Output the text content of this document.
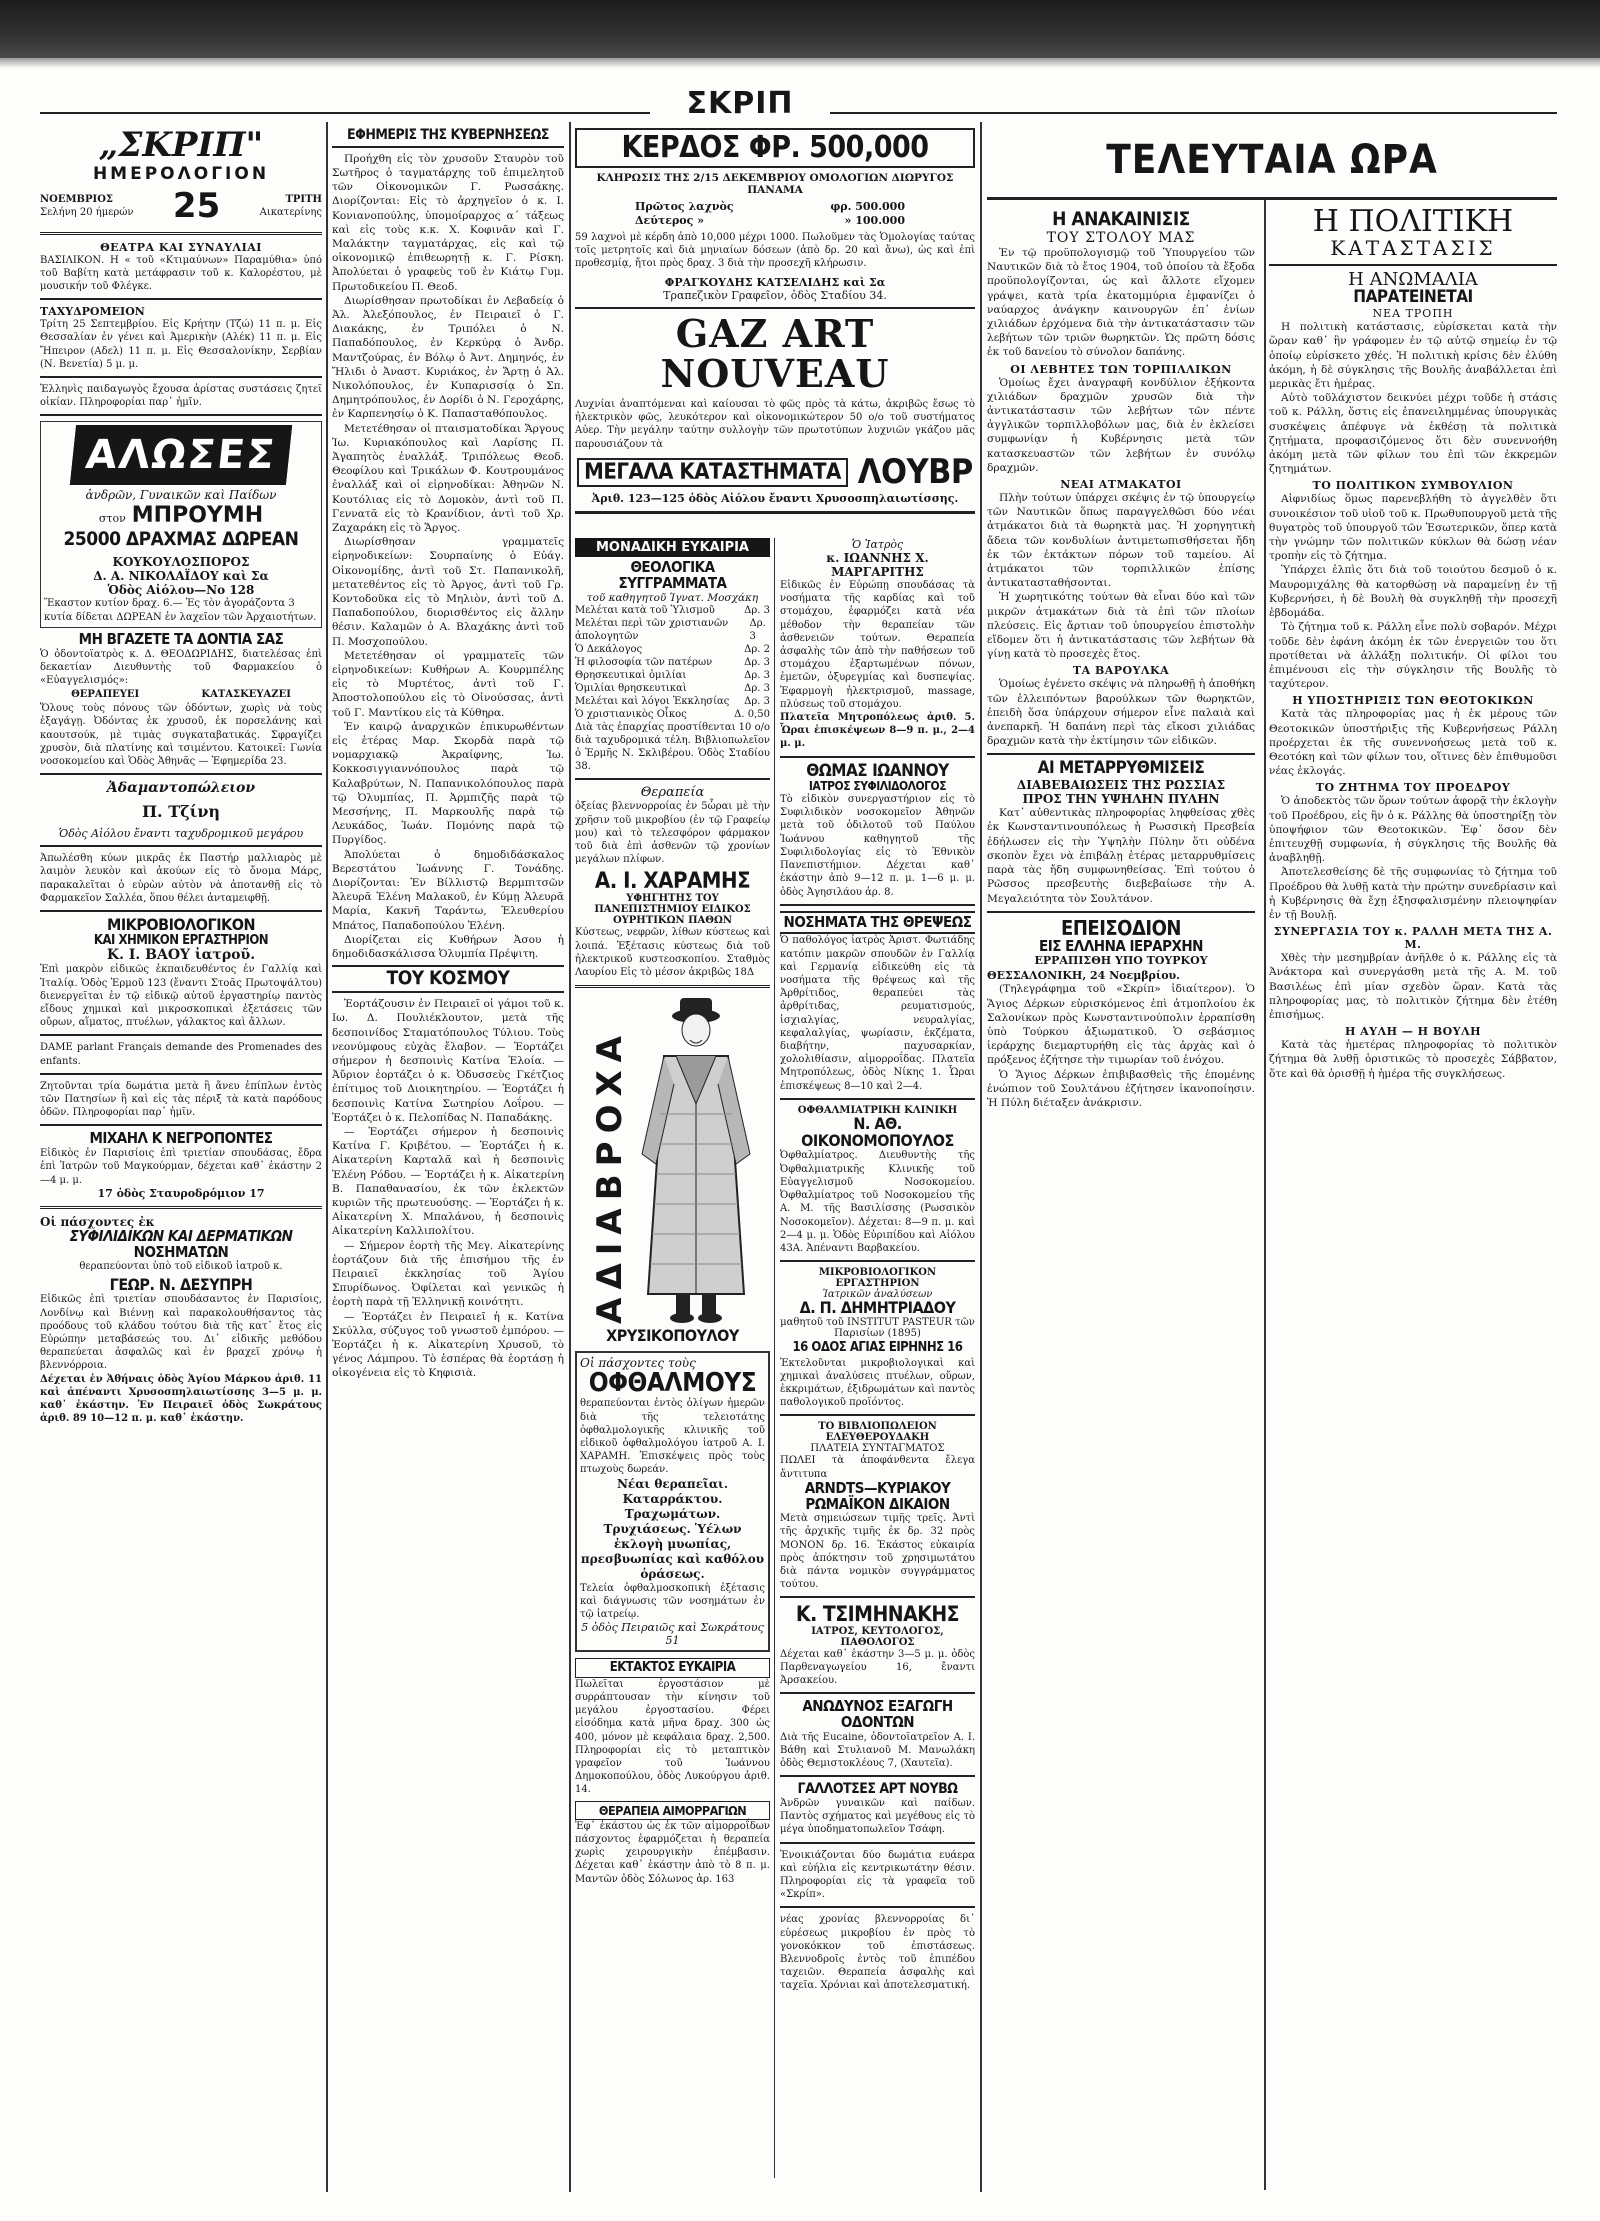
ΣΚΡΙΠ
„ΣΚΡΙΠ"
ΗΜΕΡΟΛΟΓΙΟΝ
ΝΟΕΜΒΡΙΟΣ
Σελήνη 20 ήμερών 25	ΤΡΙΤΗ
Αικατερίνης
ΘΕΑΤΡΑ ΚΑΙ ΣΥΝΑΥΛΙΑΙ
ΒΑΣΙΛΙΚΟΝ. Η « τοῦ «Κτιμαύνων» Παραμύθια» ὑπό τοῦ Βαβίτη κατὰ μετάφρασιν τοῦ κ. Καλορέστου, μὲ μουσικήν τοῦ Φλέγκε.
ΤΑΧΥΔΡΟΜΕΙΟΝ
Τρίτη 25 Σεπτεμβρίου. Εἰς Κρήτην (Τζώ) 11 π. μ. Εἰς Θεσσαλίαν ἐν γένει καὶ Ἀμερικὴν (Αλέκ) 11 π. μ. Εἰς Ἤπειρον (Αδελ) 11 π. μ. Εἰς Θεσσαλονίκην, Σερβίαν (Ν. Βενετία) 5 μ. μ.
Ἐλληνὶς παιδαγωγὸς ἔχουσα ἀρίστας συστάσεις ζητεῖ οἰκίαν. Πληροφορίαι παρ᾽ ἡμῖν.
ΑΛΩΣΕΣ
ἀνδρῶν, Γυναικῶν καὶ Παίδων
στον ΜΠΡΟΥΜΗ
25000 ΔΡΑΧΜΑΣ ΔΩΡΕΑΝ
ΚΟΥΚΟΥΛΟΣΠΟΡΟΣ
Δ. Α. ΝΙΚΟΛΑΪΔΟΥ καὶ Σα
Ὁδὸς Αἰόλου—Νο 128
Ἕκαστον κυτίον δραχ. 6.— Ἐς τὸν ἀγοράζοντα 3 κυτία δίδεται ΔΩΡΕΑΝ ἐν λαχεῖον τῶν Ἀρχαιοτήτων.
ΜΗ ΒΓΑΖΕΤΕ ΤΑ ΔΟΝΤΙΑ ΣΑΣ
Ὁ ὀδοντοϊατρὸς κ. Δ. ΘΕΟΔΩΡΙΔΗΣ, διατελέσας ἐπὶ δεκαετίαν Διευθυντὴς τοῦ Φαρμακείου ὁ «Εὐαγγελισμός»:
ΘΕΡΑΠΕΥΕΙ	ΚΑΤΑΣΚΕΥΑΖΕΙ
Ὅλους τοὺς πόνους τῶν ὀδόντων, χωρὶς νὰ τοὺς ἐξαγάγῃ. Ὀδόντας ἐκ χρυσοῦ, ἐκ πορσελάνης καὶ καουτσούκ, μὲ τιμὰς συγκαταβατικάς. Σφραγίζει χρυσὸν, διὰ πλατίνης καὶ τσιμέντου. Κατοικεῖ: Γωνία νοσοκομείου καὶ Ὁδὸς Ἀθηνᾶς — Ἐφημερίδα 23.
Ἀδαμαντοπώλειον
Π. Τζίνη
Ὁδὸς Αἰόλου ἔναντι ταχυδρομικοῦ μεγάρου
Ἀπωλέσθη κύων μικρᾶς ἐκ Παστήρ μαλλιαρὸς μὲ λαιμὸν λευκὸν καὶ ἀκούων εἰς τὸ ὄνομα Μάρς, παρακαλεῖται ὁ εὑρὼν αὐτὸν νὰ ἀποτανθῇ εἰς τὸ Φαρμακεῖον Σαλλέα, ὅπου θέλει ἀνταμειφθῇ.
ΜΙΚΡΟΒΙΟΛΟΓΙΚΟΝ
ΚΑΙ ΧΗΜΙΚΟΝ ΕΡΓΑΣΤΗΡΙΟΝ
Κ. Ι. ΒΑΟΥ ἰατροῦ.
Ἐπὶ μακρὸν εἰδικῶς ἐκπαιδευθέντος ἐν Γαλλίᾳ καὶ Ἰταλίᾳ. Ὁδὸς Ἐρμοῦ 123 (ἔναντι Στοᾶς Πρωτοψάλτου) διενεργεῖται ἐν τῷ εἰδικῷ αὐτοῦ ἐργαστηρίῳ παντὸς εἴδους χημικαὶ καὶ μικροσκοπικαὶ ἐξετάσεις τῶν οὔρων, αἵματος, πτυέλων, γάλακτος καὶ ἄλλων.
DAME parlant Français demande des Promenades des enfants.
Ζητοῦνται τρία δωμάτια μετὰ ἢ ἄνευ ἐπίπλων ἐντὸς τῶν Πατησίων ἢ καὶ εἰς τὰς πέριξ τὰ κατὰ παρόδους ὁδῶν. Πληροφορίαι παρ᾽ ἡμῖν.
ΜΙΧΑΗΛ Κ ΝΕΓΡΟΠΟΝΤΕΣ
Εἰδικὸς ἐν Παρισίοις ἐπὶ τριετίαν σπουδάσας, ἔδρα ἐπὶ Ἰατρῶν τοῦ Μαγκούρμαν, δέχεται καθ᾽ ἑκάστην 2—4 μ. μ.
17 ὁδὸς Σταυροδρόμιον 17
Οἱ πάσχοντες ἐκ
ΣΥΦΙΛΙΔΙΚΩΝ ΚΑΙ ΔΕΡΜΑΤΙΚΩΝ
ΝΟΣΗΜΑΤΩΝ
θεραπεύονται ὑπὸ τοῦ εἰδικοῦ ἰατροῦ κ.
ΓΕΩΡ. Ν. ΔΕΣΥΠΡΗ
Εἰδικῶς ἐπὶ τριετίαν σπουδάσαντος ἐν Παρισίοις, Λονδίνῳ καὶ Βιέννῃ καὶ παρακολουθήσαντος τὰς προόδους τοῦ κλάδου τούτου διὰ τῆς κατ᾽ ἔτος εἰς Εὐρώπην μεταβάσεώς του. Δι᾽ εἰδικῆς μεθόδου θεραπεύεται ἀσφαλῶς καὶ ἐν βραχεῖ χρόνῳ ἡ βλεννόρροια.
Δέχεται ἐν Ἀθήναις ὁδὸς Ἁγίου Μάρκου ἀριθ. 11 καὶ ἀπέναντι Χρυσοσπηλαιωτίσσης 3—5 μ. μ. καθ᾽ ἑκάστην. Ἐν Πειραιεῖ ὁδὸς Σωκράτους ἀριθ. 89 10—12 π. μ. καθ᾽ ἑκάστην.
ΕΦΗΜΕΡΙΣ ΤΗΣ ΚΥΒΕΡΝΗΣΕΩΣ
Προήχθη εἰς τὸν χρυσοῦν Σταυρὸν τοῦ Σωτῆρος ὁ ταγματάρχης τοῦ ἐπιμελητοῦ τῶν Οἰκονομικῶν Γ. Ρωσσάκης. Διορίζονται: Εἰς τὸ ἀρχηγεῖον ὁ κ. Ι. Κονιανοπούλης, ὑπομοίραρχος α΄ τάξεως καὶ εἰς τοὺς κ.κ. Χ. Κοφινᾶν καὶ Γ. Μαλάκτην ταγματάρχας, εἰς καὶ τῷ οἰκονομικῷ ἐπιθεωρητῇ κ. Γ. Ρίσκη. Ἀπολύεται ὁ γραφεὺς τοῦ ἐν Κιάτῳ Γυμ. Πρωτοδικείου Π. Θεοδ.
Διωρίσθησαν πρωτοδίκαι ἐν Λεβαδείᾳ ὁ Ἀλ. Ἀλεξόπουλος, ἐν Πειραιεῖ ὁ Γ. Διακάκης, ἐν Τριπόλει ὁ Ν. Παπαδόπουλος, ἐν Κερκύρᾳ ὁ Ἀνδρ. Μαντζούρας, ἐν Βόλῳ ὁ Ἀντ. Δημηνός, ἐν Ἤλιδι ὁ Ἀναστ. Κυριάκος, ἐν Ἄρτῃ ὁ Ἀλ. Νικολόπουλος, ἐν Κυπαρισσίᾳ ὁ Σπ. Δημητρόπουλος, ἐν Δορίδι ὁ Ν. Γεροχάρης, ἐν Καρπενησίῳ ὁ Κ. Παπασταθόπουλος.
Μετετέθησαν οἱ πταισματοδίκαι Ἄργους Ἰω. Κυριακόπουλος καὶ Λαρίσης Π. Ἀγαπητὸς ἐναλλάξ. Τριπόλεως Θεοδ. Θεοφίλου καὶ Τρικάλων Φ. Κουτρουμάνος ἐναλλάξ καὶ οἱ εἰρηνοδίκαι: Ἀθηνῶν Ν. Κουτόλιας εἰς τὸ Δομοκὸν, ἀντὶ τοῦ Π. Γεννατᾶ εἰς τὸ Κρανίδιον, ἀντὶ τοῦ Χρ. Ζαχαράκη εἰς τὸ Ἄργος.
Διωρίσθησαν γραμματεῖς εἰρηνοδικείων: Σουρπαίνης ὁ Εὐάγ. Οἰκονομίδης, ἀντὶ τοῦ Στ. Παπανικολῆ, μετατεθέντος εἰς τὸ Ἀργος, ἀντὶ τοῦ Γρ. Κοντοδοῦκα εἰς τὸ Μηλιὸν, ἀντὶ τοῦ Δ. Παπαδοπούλου, διορισθέντος εἰς ἄλλην θέσιν. Καλαμῶν ὁ Α. Βλαχάκης ἀντὶ τοῦ Π. Μοσχοπούλου.
Μετετέθησαν οἱ γραμματεῖς τῶν εἰρηνοδικείων: Κυθήρων Α. Κουρμπέλης εἰς τὸ Μυρτέτος, ἀντὶ τοῦ Γ. Ἀποστολοπούλου εἰς τὸ Οἰνούσσας, ἀντὶ τοῦ Γ. Μαντίκου εἰς τὰ Κύθηρα.
Ἐν καιρῷ ἀναρχικῶν ἐπικυρωθέντων εἰς ἑτέρας Μαρ. Σκορδὰ παρὰ τῷ νομαρχιακῷ Ἀκραίφνης, Ἰω. Κοκκοσιγγιαννόπουλος παρὰ τῷ Καλαβρύτων, Ν. Παπανικολόπουλος παρὰ τῷ Ὀλυμπίας, Π. Ἀρμπιζῆς παρὰ τῷ Μεσσήνης, Π. Μαρκουλῆς παρὰ τῷ Λευκάδος, Ἰωάν. Πομόνης παρὰ τῷ Πυργίδος.
Ἀπολύεται ὁ δημοδιδάσκαλος Βερεστάτου Ἰωάννης Γ. Τονάδης. Διορίζονται: Ἐν Βίλλιστῷ Βερμπιτσῶν Ἀλευρᾶ Ἑλένη Μαλακοῦ, ἐν Κύμῃ Ἀλευρᾶ Μαρία, Κακνῆ Ταράντω, Ἐλευθερίου Μπάτος, Παπαδοπούλου Ἑλένη.
Διορίζεται εἰς Κυθήρων Ἀσου ἡ δημοδιδασκάλισσα Ὀλυμπία Πρέψιτη.
ΤΟΥ ΚΟΣΜΟΥ
Ἑορτάζουσιν ἐν Πειραιεῖ οἱ γάμοι τοῦ κ. Ιω. Δ. Πουλιέκλουτον, μετὰ τῆς δεσποινίδος Σταματόπουλος Τύλιου. Τοὺς νεονύμφους εὐχὰς ἔλαβον. — Ἑορτάζει σήμερον ἡ δεσποινὶς Κατίνα Ἐλοία. — Ἀὔριον ἑορτάζει ὁ κ. Ὀδυσσεὺς Γκέτζιος ἐπίτιμος τοῦ Διοικητηρίου. — Ἑορτάζει ἡ δεσποινὶς Κατίνα Σωτηρίου Λοΐρου. — Ἑορτάζει ὁ κ. Πελοπίδας Ν. Παπαδάκης.
— Ἑορτάζει σήμερον ἡ δεσποινὶς Κατίνα Γ. Κριβέτου. — Ἑορτάζει ἡ κ. Αἰκατερίνη Καρταλᾶ καὶ ἡ δεσποινὶς Ἑλένη Ρόδου. — Ἑορτάζει ἡ κ. Αἰκατερίνη Β. Παπαθανασίου, ἐκ τῶν ἐκλεκτῶν κυριῶν τῆς πρωτευούσης. — Ἑορτάζει ἡ κ. Αἰκατερίνη Χ. Μπαλάνου, ἡ δεσποινὶς Αἰκατερίνη Καλλιπολίτου.
— Σήμερον ἑορτὴ τῆς Μεγ. Αἰκατερίνης ἑορτάζουν διὰ τῆς ἐπισήμου τῆς ἐν Πειραιεῖ ἐκκλησίας τοῦ Ἁγίου Σπυρίδωνος. Ὀφίλεται καὶ γενικῶς ἡ ἑορτὴ παρὰ τῇ Ἑλληνικῇ κοινότητι.
— Ἑορτάζει ἐν Πειραιεῖ ἡ κ. Κατίνα Σκύλλα, σύζυγος τοῦ γνωστοῦ ἐμπόρου. — Ἑορτάζει ἡ κ. Αἰκατερίνη Χρυσοῦ, τὸ γένος Λάμπρου. Τὸ ἑσπέρας θὰ ἑορτάσῃ ἡ οἰκογένεια εἰς τὸ Κηφισιὰ.
ΚΕΡΔΟΣ ΦΡ. 500,000
ΚΛΗΡΩΣΙΣ ΤΗΣ 2/15 ΔΕΚΕΜΒΡΙΟΥ ΟΜΟΛΟΓΙΩΝ ΔΙΩΡΥΓΟΣ ΠΑΝΑΜΑ
Πρῶτος λαχνὸς	φρ. 500.000
Δεύτερος »	» 100.000
59 λαχνοὶ μὲ κέρδη ἀπὸ 10,000 μέχρι 1000. Πωλοῦμεν τὰς Ὁμολογίας ταύτας τοῖς μετρητοῖς καὶ διὰ μηνιαίων δόσεων (ἀπὸ δρ. 20 καὶ ἄνω), ὡς καὶ ἐπὶ προθεσμίᾳ, ἤτοι πρὸς δραχ. 3 διὰ τὴν προσεχῆ κλήρωσιν.
ΦΡΑΓΚΟΥΔΗΣ ΚΑΤΣΕΛΙΔΗΣ καὶ Σα
Τραπεζικὸν Γραφεῖον, ὁδὸς Σταδίου 34.
GAZ ART NOUVEAU
Λυχνίαι ἀναπτόμεναι καὶ καίουσαι τὸ φῶς πρὸς τὰ κάτω, ἀκριβῶς ἔσως τὸ ἠλεκτρικὸν φῶς, λευκότερον καὶ οἰκονομικώτερον 50 ο/ο τοῦ συστήματος Αὐερ. Τὴν μεγάλην ταύτην συλλογὴν τῶν πρωτοτύπων λυχνιῶν γκάζου μᾶς παρουσιάζουν τὰ
ΜΕΓΑΛΑ ΚΑΤΑΣΤΗΜΑΤΑ ΛΟΥΒΡ
Ἀριθ. 123—125 ὁδὸς Αἰόλου ἔναντι Χρυσοσπηλαιωτίσσης.
ΜΟΝΑΔΙΚΗ ΕΥΚΑΙΡΙΑ
ΘΕΟΛΟΓΙΚΑ ΣΥΓΓΡΑΜΜΑΤΑ
τοῦ καθηγητοῦ Ἰγνατ. Μοσχάκη
Μελέται κατὰ τοῦ Ὑλισμοῦ	Δρ. 3
Μελέται περὶ τῶν χριστιανῶν ἀπολογητῶν
Δρ. 3
Ὁ Δεκάλογος	Δρ. 2
Ἡ φιλοσοφία τῶν πατέρων	Δρ. 3
Θρησκευτικαὶ ὁμιλίαι	Δρ. 3
Ὁμιλίαι θρησκευτικαὶ	Δρ. 3
Μελέται καὶ λόγοι Ἐκκλησίας Δρ. 3
Ὁ χριστιανικὸς Οἶκος	Δ. 0,50
Διὰ τὰς ἐπαρχίας προστίθενται 10 ο/ο διὰ ταχυδρομικά τέλη. Βιβλιοπωλεῖον ὁ Ἑρμῆς Ν. Σκλιβέρου. Ὁδὸς Σταδίου 38.
Θεραπεία
ὀξείας βλεννορροίας ἐν 5ὧραι μὲ τὴν χρῆσιν τοῦ μικροβίου (ἐν τῷ Γραφείῳ μου) καὶ τὸ τελεσφόρον φάρμακον τοῦ διὰ ἐπὶ ἀσθενῶν τῷ χρονίων μεγάλων πλίφων.
Α. Ι. ΧΑΡΑΜΗΣ
ΥΦΗΓΗΤΗΣ ΤΟΥ ΠΑΝΕΠΙΣΤΗΜΙΟΥ ΕΙΔΙΚΟΣ ΟΥΡΗΤΙΚΩΝ ΠΑΘΩΝ
Κύστεως, νεφρῶν, λίθων κύστεως καὶ λοιπά. Ἐξέτασις κύστεως διὰ τοῦ ἠλεκτρικοῦ κυστεοσκοπίου. Σταθμὸς Λαυρίου Εἰς τὸ μέσον ἀκριβῶς 18Δ
ΑΔΙΑΒΡΟΧΑ
ΧΡΥΣΙΚΟΠΟΥΛΟΥ
Οἱ πάσχοντες τοὺς
ΟΦΘΑΛΜΟΥΣ
θεραπεύονται ἐντὸς ὀλίγων ἡμερῶν διὰ τῆς τελειοτάτης ὀφθαλμολογικῆς κλινικῆς τοῦ εἰδικοῦ ὀφθαλμολόγου ἰατροῦ Α. Ι. ΧΑΡΑΜΗ. Ἐπισκέψεις πρὸς τοὺς πτωχοὺς δωρεάν.
Νέαι θεραπεῖαι. Καταρράκτου. Τραχωμάτων. Τρυχιάσεως. Ὑέλων ἐκλογὴ μυωπίας, πρεσβυωπίας καὶ καθόλου ὁράσεως.
Τελεία ὀφθαλμοσκοπικὴ ἐξέτασις καὶ διάγνωσις τῶν νοσημάτων ἐν τῷ ἰατρείῳ.
5 ὁδὸς Πειραιῶς καὶ Σωκράτους 51
ΕΚΤΑΚΤΟΣ ΕΥΚΑΙΡΙΑ
Πωλεῖται ἐργοστάσιον μὲ συρράπτουσαν τὴν κίνησιν τοῦ μεγάλου ἐργοστασίου. Φέρει εἰσόδημα κατὰ μῆνα δραχ. 300 ὡς 400, μόνον μὲ κεφάλαια δραχ. 2,500. Πληροφορίαι εἰς τὸ μεταπτικὸν γραφεῖον τοῦ Ἰωάννου Δημοκοπούλου, ὁδὸς Λυκούργου ἀριθ. 14.
ΘΕΡΑΠΕΙΑ ΑΙΜΟΡΡΑΓΙΩΝ
Ἐφ᾽ ἑκάστου ὡς ἐκ τῶν αἱμορροΐδων πάσχοντος ἐφαρμόζεται ἡ θεραπεία χωρὶς χειρουργικὴν ἐπέμβασιν. Δέχεται καθ᾽ ἑκάστην ἀπὸ τὸ 8 π. μ. Μαντῶν ὁδὸς Σόλωνος ἀρ. 163
Ὁ Ἰατρὸς
κ. ΙΩΑΝΝΗΣ Χ. ΜΑΡΓΑΡΙΤΗΣ
Εἰδικῶς ἐν Εὐρώπῃ σπουδάσας τὰ νοσήματα τῆς καρδίας καὶ τοῦ στομάχου, ἐφαρμόζει κατὰ νέα μέθοδον τὴν θεραπείαν τῶν ἀσθενειῶν τούτων. Θεραπεία ἀσφαλὴς τῶν ἀπὸ τὴν παθήσεων τοῦ στομάχου ἐξαρτωμένων πόνων, ἐμετῶν, ὀξυρεγμίας καὶ δυσπεψίας. Ἐφαρμογὴ ἠλεκτρισμοῦ, massage, πλύσεως τοῦ στομάχου.
Πλατεῖα Μητροπόλεως ἀριθ. 5. Ὧραι ἐπισκέψεων 8—9 π. μ., 2—4 μ. μ.
ΘΩΜΑΣ ΙΩΑΝΝΟΥ
ΙΑΤΡΟΣ ΣΥΦΙΛΙΔΟΛΟΓΟΣ
Τὸ εἰδικὸν συνεργαστήριον εἰς τὸ Συφιλιδικὸν νοσοκομεῖον Ἀθηνῶν μετὰ τοῦ ὁδιλοτοῦ τοῦ Παύλου Ἰωάννου καθηγητοῦ τῆς Συφιλιδολογίας εἰς τὸ Ἐθνικὸν Πανεπιστήμιον. Δέχεται καθ᾽ ἑκάστην ἀπὸ 9—12 π. μ. 1—6 μ. μ. ὁδὸς Ἀγησιλάου ἀρ. 8.
ΝΟΣΗΜΑΤΑ ΤΗΣ ΘΡΕΨΕΩΣ
Ὁ παθολόγος ἰατρὸς Ἀριστ. Φωτιάδης κατόπιν μακρῶν σπουδῶν ἐν Γαλλίᾳ καὶ Γερμανίᾳ εἰδικεύθη εἰς τὰ νοσήματα τῆς θρέψεως καὶ τῆς Ἀρθρίτιδος, θεραπεύει τὰς ἀρθρίτιδας, ρευματισμούς, ἰσχιαλγίας, νευραλγίας, κεφαλαλγίας, ψωρίασιν, ἐκζέματα, διαβήτην, παχυσαρκίαν, χολολιθίασιν, αἱμορροΐδας. Πλατεῖα Μητροπόλεως, ὁδὸς Νίκης 1. Ὧραι ἐπισκέψεως 8—10 καὶ 2—4.
ΟΦΘΑΛΜΙΑΤΡΙΚΗ ΚΛΙΝΙΚΗ
Ν. ΑΘ. ΟΙΚΟΝΟΜΟΠΟΥΛΟΣ
Ὀφθαλμίατρος. Διευθυντὴς τῆς Ὀφθαλμιατρικῆς Κλινικῆς τοῦ Εὐαγγελισμοῦ Νοσοκομείου. Ὀφθαλμίατρος τοῦ Νοσοκομείου τῆς Α. Μ. τῆς Βασιλίσσης (Ρωσσικὸν Νοσοκομεῖον). Δέχεται: 8—9 π. μ. καὶ 2—4 μ. μ. Ὁδὸς Εὐριπίδου καὶ Αἰόλου 43Α. Ἀπέναντι Βαρβακείου.
ΜΙΚΡΟΒΙΟΛΟΓΙΚΟΝ ΕΡΓΑΣΤΗΡΙΟΝ
Ἰατρικῶν ἀναλύσεων
Δ. Π. ΔΗΜΗΤΡΙΑΔΟΥ
μαθητοῦ τοῦ INSTITUT PASTEUR τῶν Παρισίων (1895)
16 ΟΔΟΣ ΑΓΙΑΣ ΕΙΡΗΝΗΣ 16
Ἐκτελοῦνται μικροβιολογικαὶ καὶ χημικαὶ ἀναλύσεις πτυέλων, οὔρων, ἐκκριμάτων, ἐξιδρωμάτων καὶ παντὸς παθολογικοῦ προϊόντος.
ΤΟ ΒΙΒΛΙΟΠΩΛΕΙΟΝ ΕΛΕΥΘΕΡΟΥΔΑΚΗ
ΠΛΑΤΕΙΑ ΣΥΝΤΑΓΜΑΤΟΣ
ΠΩΛΕΙ τὰ ἀποφάνθεντα ἔλεγα ἄντιτυπα
ARNDTS—ΚΥΡΙΑΚΟΥ
ΡΩΜΑΪΚΟΝ ΔΙΚΑΙΟΝ
Μετὰ σημειώσεων τιμῆς τρεῖς. Ἀντὶ τῆς ἀρχικῆς τιμῆς ἐκ δρ. 32 πρὸς ΜΟΝΟΝ δρ. 16. Ἑκάστος εὐκαιρία πρὸς ἀπόκτησιν τοῦ χρησιμωτάτου διὰ πάντα νομικὸν συγγράμματος τούτου.
Κ. ΤΣΙΜΗΝΑΚΗΣ
ΙΑΤΡΟΣ, ΚΕΥΤΟΛΟΓΟΣ, ΠΑΘΟΛΟΓΟΣ
Δέχεται καθ᾽ ἑκάστην 3—5 μ. μ. ὁδὸς Παρθεναγωγείου 16, ἔναντι Ἀρσακείου.
ΑΝΩΔΥΝΟΣ ΕΞΑΓΩΓΗ
ΟΔΟΝΤΩΝ
Διὰ τῆς Eucaine, ὀδοντοϊατρεῖον Α. Ι. Βάθη καὶ Στυλιανοῦ Μ. Μανωλάκη ὁδὸς Θεμιστοκλέους 7, (Χαυτεῖα).
ΓΑΛΛΟΤΣΕΣ ΑΡΤ ΝΟΥΒΩ
Ἀνδρῶν γυναικῶν καὶ παίδων. Παντὸς σχήματος καὶ μεγέθους εἰς τὸ μέγα ὑποδηματοπωλεῖον Τσάφη.
Ἐνοικιάζονται δύο δωμάτια ευάερα καὶ εὐήλια εἰς κεντρικωτάτην θέσιν. Πληροφορίαι εἰς τὰ γραφεῖα τοῦ «Σκρίπ».
νέας χρονίας βλεννορροίας δι᾽ εὑρέσεως μικροβίου ἐν πρὸς τὸ γονοκόκκον τοῦ ἐπιστάσεως. Βλεννοδροῖς ἐντὸς τοῦ ἐπιπέδου ταχειῶν. Θεραπεία ἀσφαλὴς καὶ ταχεῖα. Χρόνιαι καὶ ἀποτελεσματική.
ΤΕΛΕΥΤΑΙΑ ΩΡΑ
Η ΑΝΑΚΑΙΝΙΣΙΣ
ΤΟΥ ΣΤΟΛΟΥ ΜΑΣ
Ἐν τῷ προϋπολογισμῷ τοῦ Ὑπουργείου τῶν Ναυτικῶν διὰ τὸ ἔτος 1904, τοῦ ὁποίου τὰ ἔξοδα προϋπολογίζονται, ὡς καὶ ἄλλοτε εἴχομεν γράψει, κατὰ τρία ἑκατομμύρια ἐμφανίζει ὁ ναύαρχος ἀνάγκην καινουργῶν ἐπ᾽ ἐνίων χιλιάδων ἐρχόμενα διὰ τὴν ἀντικατάστασιν τῶν λεβήτων τῶν τριῶν θωρηκτῶν. Ὡς πρῶτη δόσις ἐκ τοῦ δανείου τὸ σύνολον δαπάνης.
ΟΙ ΛΕΒΗΤΕΣ ΤΩΝ ΤΟΡΠΙΛΛΙΚΩΝ
Ὁμοίως ἔχει ἀναγραφῆ κονδύλιον ἐξήκοντα χιλιάδων δραχμῶν χρυσῶν διὰ τὴν ἀντικατάστασιν τῶν λεβήτων τῶν πέντε ἀγγλικῶν τορπιλλοβόλων μας, διὰ ἐν ἐκλείσει συμφωνίᾳν ἡ Κυβέρνησις μετὰ τῶν κατασκευαστῶν τῶν λεβήτων ἐν συνόλῳ δραχμῶν.
ΝΕΑΙ ΑΤΜΑΚΑΤΟΙ
Πλὴν τούτων ὑπάρχει σκέψις ἐν τῷ ὑπουργείῳ τῶν Ναυτικῶν ὅπως παραγγελθῶσι δύο νέαι ἀτμάκατοι διὰ τὰ θωρηκτὰ μας. Ἡ χορηγητικὴ ἄδεια τῶν κονδυλίων ἀντιμετωπισθήσεται ἤδη ἐκ τῶν ἐκτάκτων πόρων τοῦ ταμείου. Αἱ ἀτμάκατοι τῶν τορπιλλικῶν ἐπίσης ἀντικατασταθήσονται.
Ἡ χωρητικότης τούτων θὰ εἶναι δύο καὶ τῶν μικρῶν ἀτμακάτων διὰ τὰ ἐπὶ τῶν πλοίων πλεύσεις. Εἰς ἄρτιαν τοῦ ὑπουργείου ἐπιστολὴν εἴδομεν ὅτι ἡ ἀντικατάστασις τῶν λεβήτων θὰ γίνῃ κατὰ τὸ προσεχὲς ἔτος.
ΤΑ ΒΑΡΟΥΛΚΑ
Ὁμοίως ἐγένετο σκέψις νὰ πληρωθῇ ἡ ἀποθήκη τῶν ἐλλειπόντων βαρούλκων τῶν θωρηκτῶν, ἐπειδὴ ὅσα ὑπάρχουν σήμερον εἶνε παλαιὰ καὶ ἀνεπαρκῆ. Ἡ δαπάνη περὶ τὰς εἴκοσι χιλιάδας δραχμῶν κατὰ τὴν ἐκτίμησιν τῶν εἰδικῶν.
ΑΙ ΜΕΤΑΡΡΥΘΜΙΣΕΙΣ
ΔΙΑΒΕΒΑΙΩΣΕΙΣ ΤΗΣ ΡΩΣΣΙΑΣ
ΠΡΟΣ ΤΗΝ ΥΨΗΛΗΝ ΠΥΛΗΝ
Κατ᾽ αὐθεντικὰς πληροφορίας ληφθείσας χθὲς ἐκ Κωνσταντινουπόλεως ἡ Ρωσσικὴ Πρεσβεία ἐδήλωσεν εἰς τὴν Ὑψηλὴν Πύλην ὅτι οὐδένα σκοπὸν ἔχει νὰ ἐπιβάλῃ ἑτέρας μεταρρυθμίσεις παρὰ τὰς ἤδη συμφωνηθείσας. Ἐπὶ τούτου ὁ Ρῶσσος πρεσβευτὴς διεβεβαίωσε τὴν Α. Μεγαλειότητα τὸν Σουλτάνον.
ΕΠΕΙΣΟΔΙΟΝ
ΕΙΣ ΕΛΛΗΝΑ ΙΕΡΑΡΧΗΝ
ΕΡΡΑΠΙΣΘΗ ΥΠΟ ΤΟΥΡΚΟΥ
ΘΕΣΣΑΛΟΝΙΚΗ, 24 Νοεμβρίου.
(Τηλεγράφημα τοῦ «Σκρίπ» ἰδιαίτερον). Ὁ Ἅγιος Δέρκων εὑρισκόμενος ἐπὶ ἀτμοπλοίου ἐκ Σαλονίκων πρὸς Κωνσταντινούπολιν ἐρραπίσθη ὑπὸ Τούρκου ἀξιωματικοῦ. Ὁ σεβάσμιος ἱεράρχης διεμαρτυρήθη εἰς τὰς ἀρχὰς καὶ ὁ πρόξενος ἐζήτησε τὴν τιμωρίαν τοῦ ἐνόχου.
Ὁ Ἅγιος Δέρκων ἐπιβιβασθεὶς τῆς ἑπομένης ἐνώπιον τοῦ Σουλτάνου ἐζήτησεν ἱκανοποίησιν. Ἡ Πύλη διέταξεν ἀνάκρισιν.
Η ΠΟΛΙΤΙΚΗ
ΚΑΤΑΣΤΑΣΙΣ
Η ΑΝΩΜΑΛΙΑ
ΠΑΡΑΤΕΙΝΕΤΑΙ
ΝΕΑ ΤΡΟΠΗ
Η πολιτικὴ κατάστασις, εὑρίσκεται κατὰ τὴν ὥραν καθ᾽ ἣν γράφομεν ἐν τῷ αὐτῷ σημείῳ ἐν τῷ ὁποίῳ εὑρίσκετο χθές. Ἡ πολιτικὴ κρίσις δὲν ἐλύθη ἀκόμη, ἡ δὲ σύγκλησις τῆς Βουλῆς ἀναβάλλεται ἐπὶ μερικὰς ἔτι ἡμέρας.
Αὐτὸ τοῦλάχιστον δεικνύει μέχρι τοῦδε ἡ στάσις τοῦ κ. Ράλλη, ὅστις εἰς ἐπανειλημμένας ὑπουργικὰς συσκέψεις ἀπέφυγε νὰ ἐκθέσῃ τὰ πολιτικὰ ζητήματα, προφασιζόμενος ὅτι δὲν συνεννοήθη ἀκόμη μετὰ τῶν φίλων του ἐπὶ τῶν ἐκκρεμῶν ζητημάτων.
ΤΟ ΠΟΛΙΤΙΚΟΝ ΣΥΜΒΟΥΛΙΟΝ
Αἰφνιδίως ὅμως παρενεβλήθη τὸ ἀγγελθὲν ὅτι συνοικέσιον τοῦ υἱοῦ τοῦ κ. Πρωθυπουργοῦ μετὰ τῆς θυγατρὸς τοῦ ὑπουργοῦ τῶν Ἐσωτερικῶν, ὅπερ κατὰ τὴν γνώμην τῶν πολιτικῶν κύκλων θὰ δώσῃ νέαν τροπὴν εἰς τὸ ζήτημα.
Ὑπάρχει ἐλπὶς ὅτι διὰ τοῦ τοιούτου δεσμοῦ ὁ κ. Μαυρομιχάλης θὰ κατορθώσῃ νὰ παραμείνῃ ἐν τῇ Κυβερνήσει, ἡ δὲ Βουλὴ θὰ συγκληθῇ τὴν προσεχῆ ἑβδομάδα.
Τὸ ζήτημα τοῦ κ. Ράλλη εἶνε πολὺ σοβαρόν. Μέχρι τοῦδε δὲν ἐφάνη ἀκόμη ἐκ τῶν ἐνεργειῶν του ὅτι προτίθεται νὰ ἀλλάξῃ πολιτικήν. Οἱ φίλοι του ἐπιμένουσι εἰς τὴν σύγκλησιν τῆς Βουλῆς τὸ ταχύτερον.
Η ΥΠΟΣΤΗΡΙΞΙΣ ΤΩΝ ΘΕΟΤΟΚΙΚΩΝ
Κατὰ τὰς πληροφορίας μας ἡ ἐκ μέρους τῶν Θεοτοκικῶν ὑποστήριξις τῆς Κυβερνήσεως Ράλλη προέρχεται ἐκ τῆς συνεννοήσεως μετὰ τοῦ κ. Θεοτόκη καὶ τῶν φίλων του, οἵτινες δὲν ἐπιθυμοῦσι νέας ἐκλογάς.
ΤΟ ΖΗΤΗΜΑ ΤΟΥ ΠΡΟΕΔΡΟΥ
Ὁ ἀποδεκτὸς τῶν ὅρων τούτων ἀφορᾷ τὴν ἐκλογὴν τοῦ Προέδρου, εἰς ἣν ὁ κ. Ράλλης θὰ ὑποστηρίξῃ τὸν ὑποψήφιον τῶν Θεοτοκικῶν. Ἐφ᾽ ὅσον δὲν ἐπιτευχθῇ συμφωνία, ἡ σύγκλησις τῆς Βουλῆς θὰ ἀναβληθῇ.
Ἀποτελεσθείσης δὲ τῆς συμφωνίας τὸ ζήτημα τοῦ Προέδρου θὰ λυθῇ κατὰ τὴν πρώτην συνεδρίασιν καὶ ἡ Κυβέρνησις θὰ ἔχῃ ἐξησφαλισμένην πλειοψηφίαν ἐν τῇ Βουλῇ.
ΣΥΝΕΡΓΑΣΙΑ ΤΟΥ κ. ΡΑΛΛΗ ΜΕΤΑ ΤΗΣ Α. Μ.
Χθὲς τὴν μεσημβρίαν ἀνῆλθε ὁ κ. Ράλλης εἰς τὰ Ἀνάκτορα καὶ συνεργάσθη μετὰ τῆς Α. Μ. τοῦ Βασιλέως ἐπὶ μίαν σχεδὸν ὥραν. Κατὰ τὰς πληροφορίας μας, τὸ πολιτικὸν ζήτημα δὲν ἐτέθη ἐπισήμως.
Η ΑΥΛΗ — Η ΒΟΥΛΗ
Κατὰ τὰς ἡμετέρας πληροφορίας τὸ πολιτικὸν ζήτημα θὰ λυθῇ ὁριστικῶς τὸ προσεχὲς Σάββατον, ὅτε καὶ θὰ ὁρισθῇ ἡ ἡμέρα τῆς συγκλήσεως.
